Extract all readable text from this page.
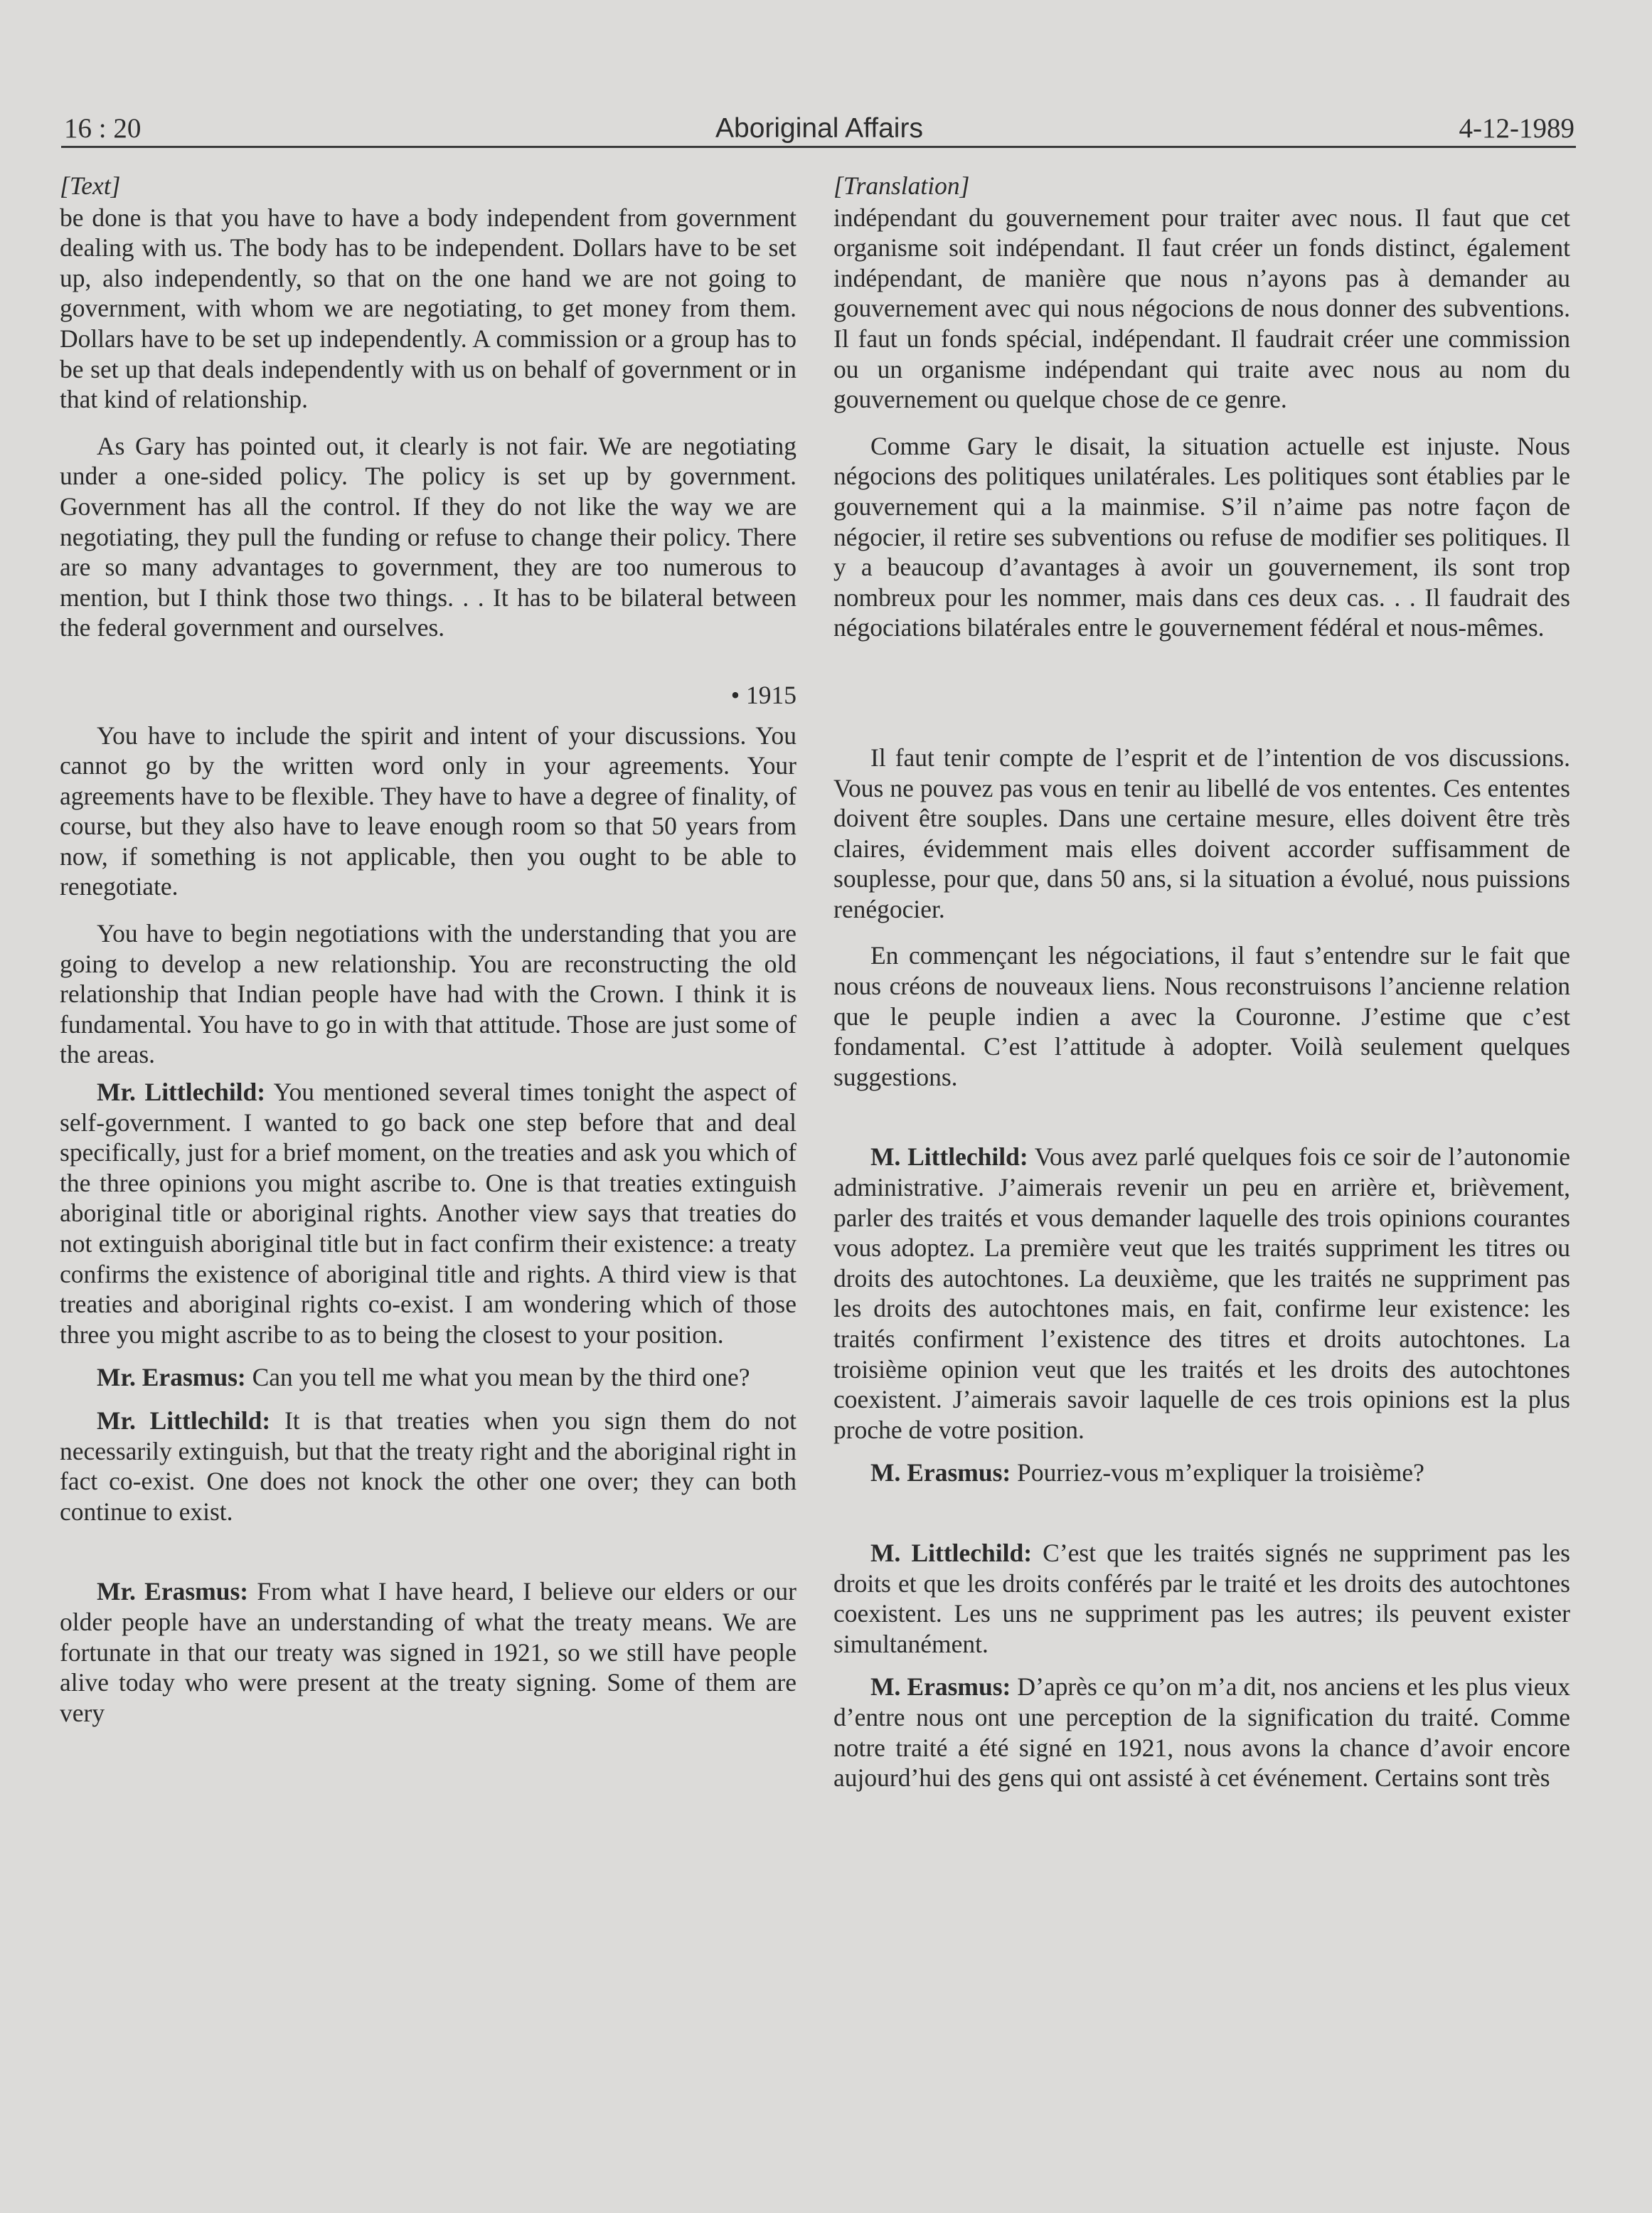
16 : 20	Aboriginal Affairs	4-12-1989
[Text]

be done is that you have to have a body independent from government dealing with us. The body has to be independent. Dollars have to be set up, also independently, so that on the one hand we are not going to government, with whom we are negotiating, to get money from them. Dollars have to be set up independently. A commission or a group has to be set up that deals independently with us on behalf of government or in that kind of relationship.

As Gary has pointed out, it clearly is not fair. We are negotiating under a one-sided policy. The policy is set up by government. Government has all the control. If they do not like the way we are negotiating, they pull the funding or refuse to change their policy. There are so many advantages to government, they are too numerous to mention, but I think those two things. . . It has to be bilateral between the federal government and ourselves.

• 1915

You have to include the spirit and intent of your discussions. You cannot go by the written word only in your agreements. Your agreements have to be flexible. They have to have a degree of finality, of course, but they also have to leave enough room so that 50 years from now, if something is not applicable, then you ought to be able to renegotiate.

You have to begin negotiations with the understanding that you are going to develop a new relationship. You are reconstructing the old relationship that Indian people have had with the Crown. I think it is fundamental. You have to go in with that attitude. Those are just some of the areas.

Mr. Littlechild: You mentioned several times tonight the aspect of self-government. I wanted to go back one step before that and deal specifically, just for a brief moment, on the treaties and ask you which of the three opinions you might ascribe to. One is that treaties extinguish aboriginal title or aboriginal rights. Another view says that treaties do not extinguish aboriginal title but in fact confirm their existence: a treaty confirms the existence of aboriginal title and rights. A third view is that treaties and aboriginal rights co-exist. I am wondering which of those three you might ascribe to as to being the closest to your position.

Mr. Erasmus: Can you tell me what you mean by the third one?

Mr. Littlechild: It is that treaties when you sign them do not necessarily extinguish, but that the treaty right and the aboriginal right in fact co-exist. One does not knock the other one over; they can both continue to exist.

Mr. Erasmus: From what I have heard, I believe our elders or our older people have an understanding of what the treaty means. We are fortunate in that our treaty was signed in 1921, so we still have people alive today who were present at the treaty signing. Some of them are very

[Translation]

indépendant du gouvernement pour traiter avec nous. Il faut que cet organisme soit indépendant. Il faut créer un fonds distinct, également indépendant, de manière que nous n’ayons pas à demander au gouvernement avec qui nous négocions de nous donner des subventions. Il faut un fonds spécial, indépendant. Il faudrait créer une commission ou un organisme indépendant qui traite avec nous au nom du gouvernement ou quelque chose de ce genre.

Comme Gary le disait, la situation actuelle est injuste. Nous négocions des politiques unilatérales. Les politiques sont établies par le gouvernement qui a la mainmise. S’il n’aime pas notre façon de négocier, il retire ses subventions ou refuse de modifier ses politiques. Il y a beaucoup d’avantages à avoir un gouvernement, ils sont trop nombreux pour les nommer, mais dans ces deux cas. . . Il faudrait des négociations bilatérales entre le gouvernement fédéral et nous-mêmes.

Il faut tenir compte de l’esprit et de l’intention de vos discussions. Vous ne pouvez pas vous en tenir au libellé de vos ententes. Ces ententes doivent être souples. Dans une certaine mesure, elles doivent être très claires, évidemment mais elles doivent accorder suffisamment de souplesse, pour que, dans 50 ans, si la situation a évolué, nous puissions renégocier.

En commençant les négociations, il faut s’entendre sur le fait que nous créons de nouveaux liens. Nous reconstruisons l’ancienne relation que le peuple indien a avec la Couronne. J’estime que c’est fondamental. C’est l’attitude à adopter. Voilà seulement quelques suggestions.

M. Littlechild: Vous avez parlé quelques fois ce soir de l’autonomie administrative. J’aimerais revenir un peu en arrière et, brièvement, parler des traités et vous demander laquelle des trois opinions courantes vous adoptez. La première veut que les traités suppriment les titres ou droits des autochtones. La deuxième, que les traités ne suppriment pas les droits des autochtones mais, en fait, confirme leur existence: les traités confirment l’existence des titres et droits autochtones. La troisième opinion veut que les traités et les droits des autochtones coexistent. J’aimerais savoir laquelle de ces trois opinions est la plus proche de votre position.

M. Erasmus: Pourriez-vous m’expliquer la troisième?

M. Littlechild: C’est que les traités signés ne suppriment pas les droits et que les droits conférés par le traité et les droits des autochtones coexistent. Les uns ne suppriment pas les autres; ils peuvent exister simultanément.

M. Erasmus: D’après ce qu’on m’a dit, nos anciens et les plus vieux d’entre nous ont une perception de la signification du traité. Comme notre traité a été signé en 1921, nous avons la chance d’avoir encore aujourd’hui des gens qui ont assisté à cet événement. Certains sont très
